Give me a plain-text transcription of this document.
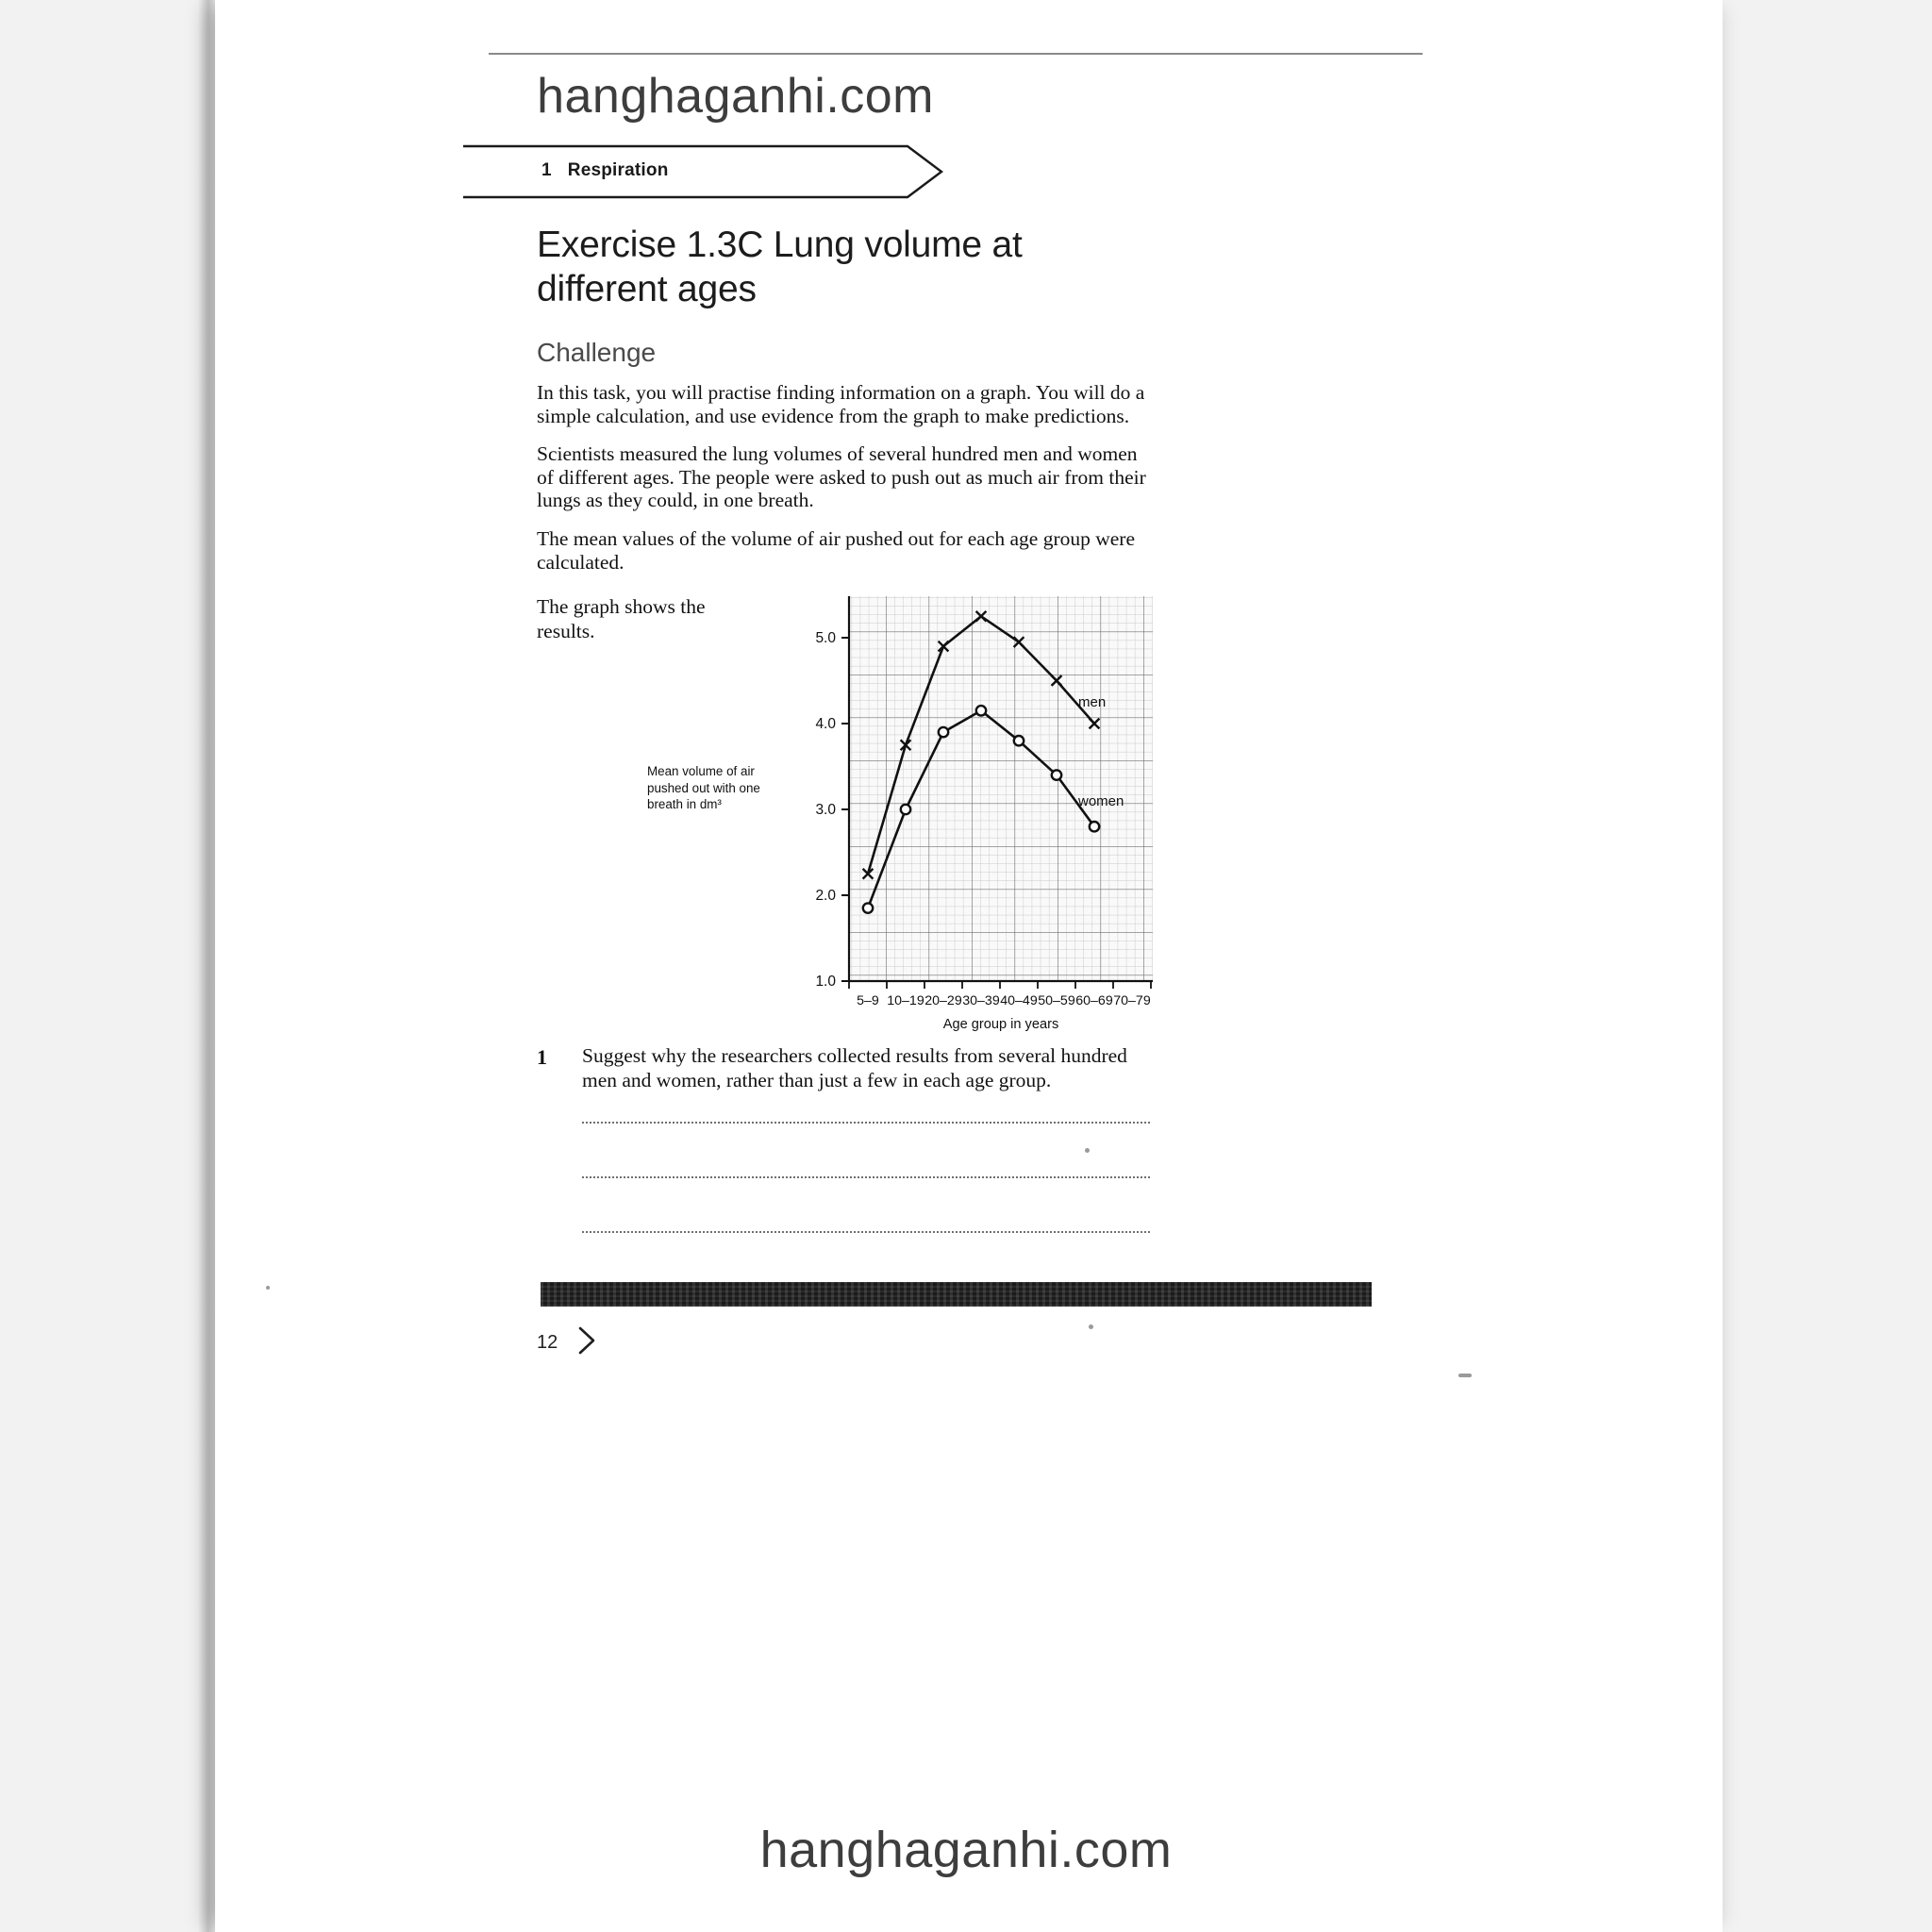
hanghaganhi.com
1 Respiration
Exercise 1.3C Lung volume at different ages
Challenge

In this task, you will practise finding information on a graph. You will do a simple calculation, and use evidence from the graph to make predictions.

Scientists measured the lung volumes of several hundred men and women of different ages. The people were asked to push out as much air from their lungs as they could, in one breath.

The mean values of the volume of air pushed out for each age group were calculated.

The graph shows the results.
Mean volume of air pushed out with one breath in dm³
1.0
2.0
3.0
4.0
5.0
5–9 10–19 20–29 30–39 40–49 50–59 60–69 70–79
Age group in years
men
women
1 Suggest why the researchers collected results from several hundred men and women, rather than just a few in each age group.
12
hanghaganhi.com
